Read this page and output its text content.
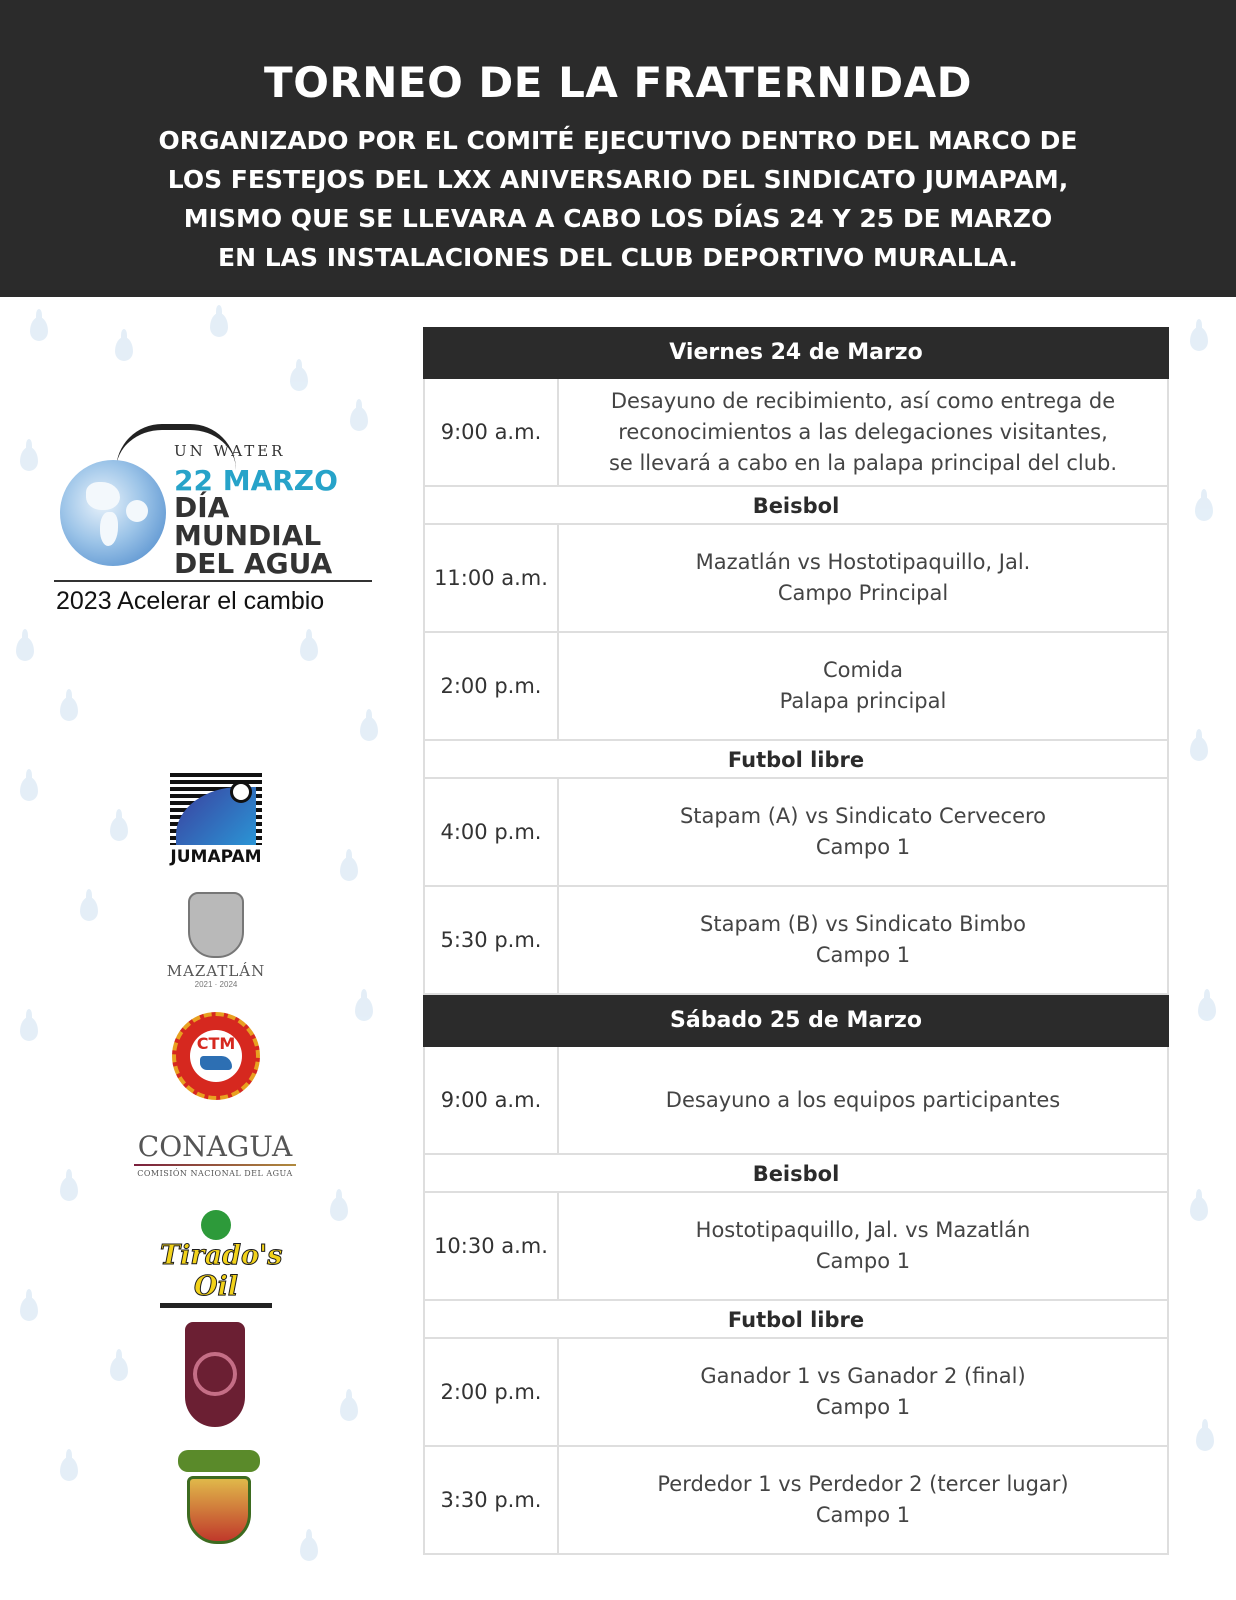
TORNEO DE LA FRATERNIDAD
ORGANIZADO POR EL COMITÉ EJECUTIVO DENTRO DEL MARCO DE
LOS FESTEJOS DEL LXX ANIVERSARIO DEL SINDICATO JUMAPAM,
MISMO QUE SE LLEVARA A CABO LOS DÍAS 24 Y 25 DE MARZO
EN LAS INSTALACIONES DEL CLUB DEPORTIVO MURALLA.
UN WATER
22 MARZO
DÍA MUNDIAL
DEL AGUA
2023 Acelerar el cambio
JUMAPAM
MAZATLÁN
2021 · 2024
CTM
CONAGUA
COMISIÓN NACIONAL DEL AGUA
Tirado's Oil
Viernes 24 de Marzo
9:00 a.m.
Desayuno de recibimiento, así como entrega de
reconocimientos a las delegaciones visitantes,
se llevará a cabo en la palapa principal del club.
Beisbol
11:00 a.m.
Mazatlán vs Hostotipaquillo, Jal.
Campo Principal
2:00 p.m.
Comida
Palapa principal
Futbol libre
4:00 p.m.
Stapam (A) vs Sindicato Cervecero
Campo 1
5:30 p.m.
Stapam (B) vs Sindicato Bimbo
Campo 1
Sábado 25 de Marzo
9:00 a.m.	Desayuno a los equipos participantes
Beisbol
10:30 a.m.
Hostotipaquillo, Jal. vs Mazatlán
Campo 1
Futbol libre
2:00 p.m.
Ganador 1 vs Ganador 2 (final)
Campo 1
3:30 p.m.
Perdedor 1 vs Perdedor 2 (tercer lugar)
Campo 1
